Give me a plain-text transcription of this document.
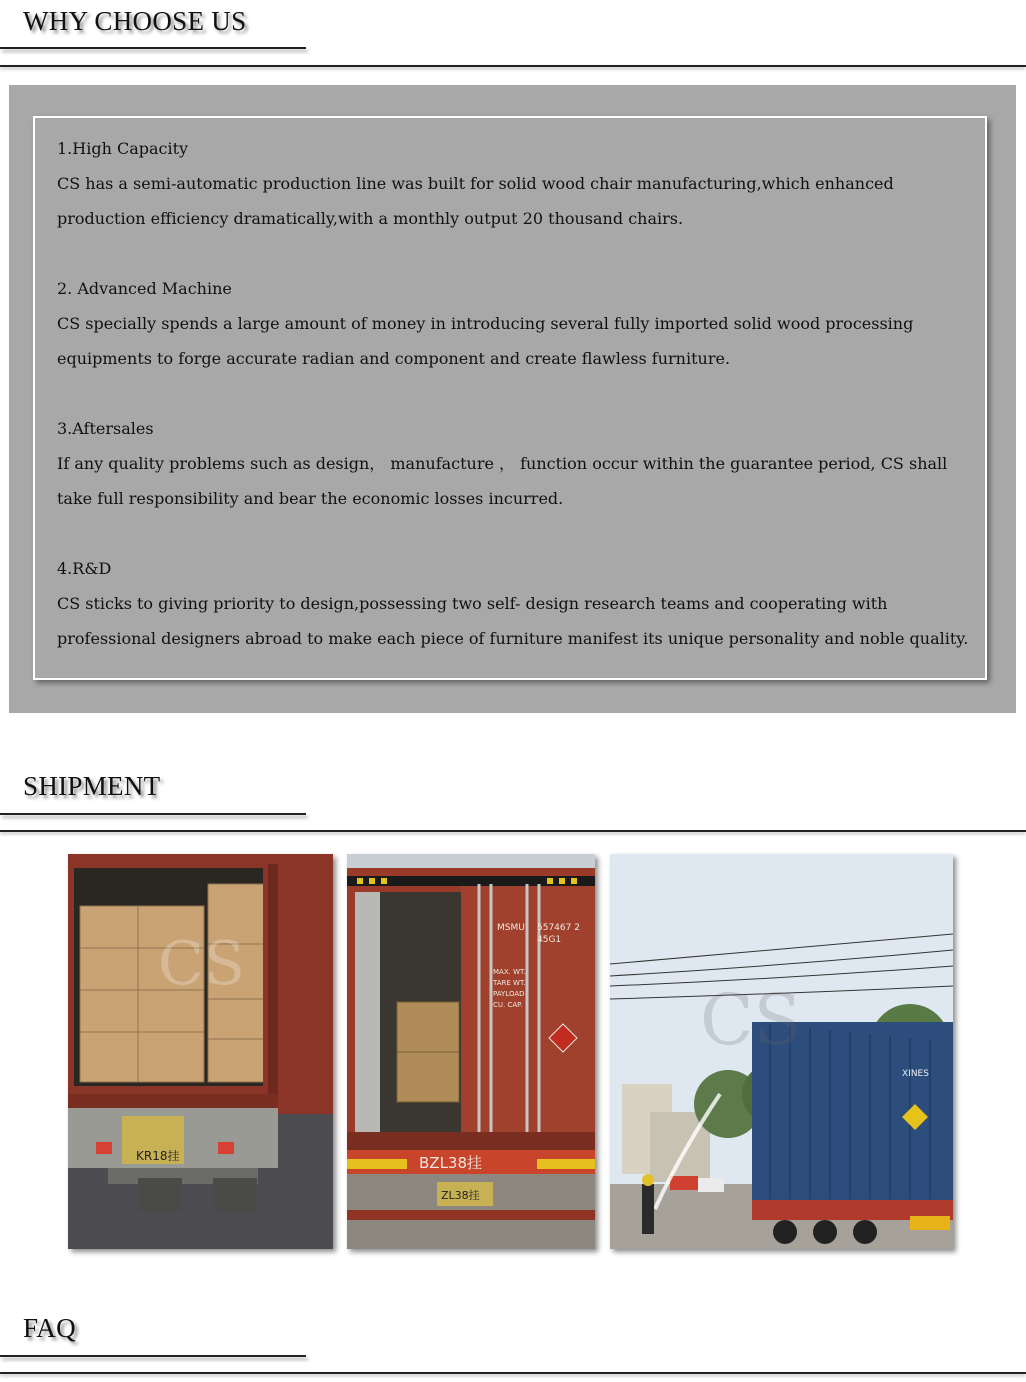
WHY CHOOSE US

1.High Capacity

CS has a semi-automatic production line was built for solid wood chair manufacturing,which enhanced production efficiency dramatically,with a monthly output 20 thousand chairs.

2. Advanced Machine

CS specially spends a large amount of money in introducing several fully imported solid wood processing equipments to forge accurate radian and component and create flawless furniture.

3.Aftersales

If any quality problems such as design， manufacture ， function occur within the guarantee period, CS shall take full responsibility and bear the economic losses incurred.

4.R&D

CS sticks to giving priority to design,possessing two self- design research teams and cooperating with professional designers abroad to make each piece of furniture manifest its unique personality and noble quality.

SHIPMENT
KR18挂
CS
MSMU 557467 2
45G1
MAX. WT.
TARE WT.
PAYLOAD
CU. CAP.
BZL38挂
ZL38挂
XINES
CS
FAQ
